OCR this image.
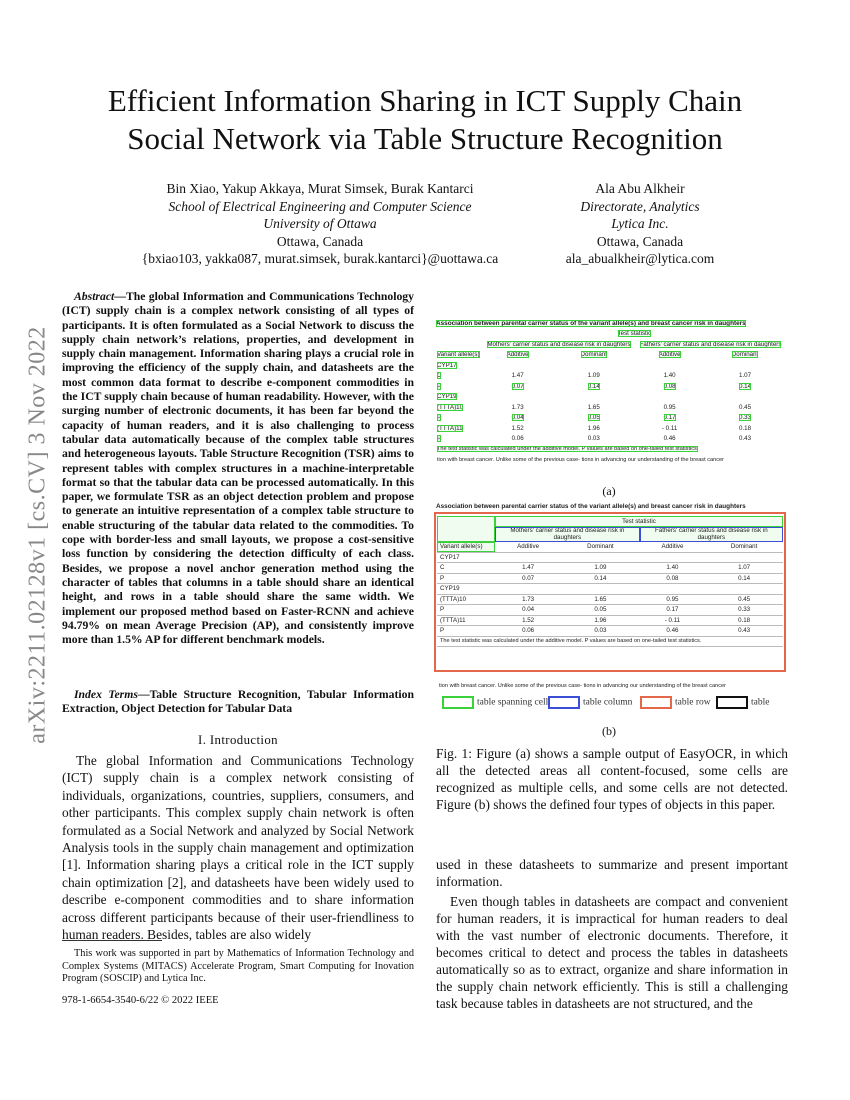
arXiv:2211.02128v1 [cs.CV] 3 Nov 2022
Efficient Information Sharing in ICT Supply Chain
Social Network via Table Structure Recognition
Bin Xiao, Yakup Akkaya, Murat Simsek, Burak Kantarci
School of Electrical Engineering and Computer Science
University of Ottawa
Ottawa, Canada
{bxiao103, yakka087, murat.simsek, burak.kantarci}@uottawa.ca
Ala Abu Alkheir
Directorate, Analytics
Lytica Inc.
Ottawa, Canada
ala_abualkheir@lytica.com
Abstract—The global Information and Communications Technology (ICT) supply chain is a complex network consisting of all types of participants. It is often formulated as a Social Network to discuss the supply chain network’s relations, properties, and development in supply chain management. Information sharing plays a crucial role in improving the efficiency of the supply chain, and datasheets are the most common data format to describe e-component commodities in the ICT supply chain because of human readability. However, with the surging number of electronic documents, it has been far beyond the capacity of human readers, and it is also challenging to process tabular data automatically because of the complex table structures and heterogeneous layouts. Table Structure Recognition (TSR) aims to represent tables with complex structures in a machine-interpretable format so that the tabular data can be processed automatically. In this paper, we formulate TSR as an object detection problem and propose to generate an intuitive representation of a complex table structure to enable structuring of the tabular data related to the commodities. To cope with border-less and small layouts, we propose a cost-sensitive loss function by considering the detection difficulty of each class. Besides, we propose a novel anchor generation method using the character of tables that columns in a table should share an identical height, and rows in a table should share the same width. We implement our proposed method based on Faster-RCNN and achieve 94.79% on mean Average Precision (AP), and consistently improve more than 1.5% AP for different benchmark models.
Index Terms—Table Structure Recognition, Tabular Information Extraction, Object Detection for Tabular Data
I. Introduction
The global Information and Communications Technology (ICT) supply chain is a complex network consisting of individuals, organizations, countries, suppliers, consumers, and other participants. This complex supply chain network is often formulated as a Social Network and analyzed by Social Network Analysis tools in the supply chain management and optimization [1]. Information sharing plays a critical role in the ICT supply chain optimization [2], and datasheets have been widely used to describe e-component commodities and to share information across different participants because of their user-friendliness to human readers. Besides, tables are also widely
This work was supported in part by Mathematics of Information Technology and Complex Systems (MITACS) Accelerate Program, Smart Computing for Inovation Program (SOSCIP) and Lytica Inc.
978-1-6654-3540-6/22 © 2022 IEEE
Association between parental carrier status of the variant allele(s) and breast cancer risk in daughters				
	Test statistic			
	Mothers' carrier status and disease risk in daughters		Fathers' carrier status and disease risk in daughters	
Variant allele(s)	Additive	Dominant	Additive	Dominant
CYP17				
C	1.47	1.09	1.40	1.07
P	0.07	0.14	0.08	0.14
CYP19				
(TTTA)10	1.73	1.65	0.95	0.45
P	0.04	0.05	0.17	0.33
(TTTA)11	1.52	1.96	- 0.11	0.18
P	0.06	0.03	0.46	0.43
The test statistic was calculated under the additive model. P values are based on one-tailed test statistics.				
tion with breast cancer. Unlike some of the previous case- tions in advancing our understanding of the breast cancer				
(a)
Association between parental carrier status of the variant allele(s) and breast cancer risk in daughters
	Test statistic			
	Mothers' carrier status and disease risk in daughters		Fathers' carrier status and disease risk in daughters	
Variant allele(s)	Additive	Dominant	Additive	Dominant
CYP17				
C	1.47	1.09	1.40	1.07
P	0.07	0.14	0.08	0.14
CYP19				
(TTTA)10	1.73	1.65	0.95	0.45
P	0.04	0.05	0.17	0.33
(TTTA)11	1.52	1.96	- 0.11	0.18
P	0.06	0.03	0.46	0.43
The test statistic was calculated under the additive model. P values are based on one-tailed test statistics.				
tion with breast cancer. Unlike some of the previous case- tions in advancing our understanding of the breast cancer
table spanning cell	table column	table row	table
(b)
Fig. 1: Figure (a) shows a sample output of EasyOCR, in which all the detected areas all content-focused, some cells are recognized as multiple cells, and some cells are not detected. Figure (b) shows the defined four types of objects in this paper.
used in these datasheets to summarize and present important information.
Even though tables in datasheets are compact and convenient for human readers, it is impractical for human readers to deal with the vast number of electronic documents. Therefore, it becomes critical to detect and process the tables in datasheets automatically so as to extract, organize and share information in the supply chain network efficiently. This is still a challenging task because tables in datasheets are not structured, and the
